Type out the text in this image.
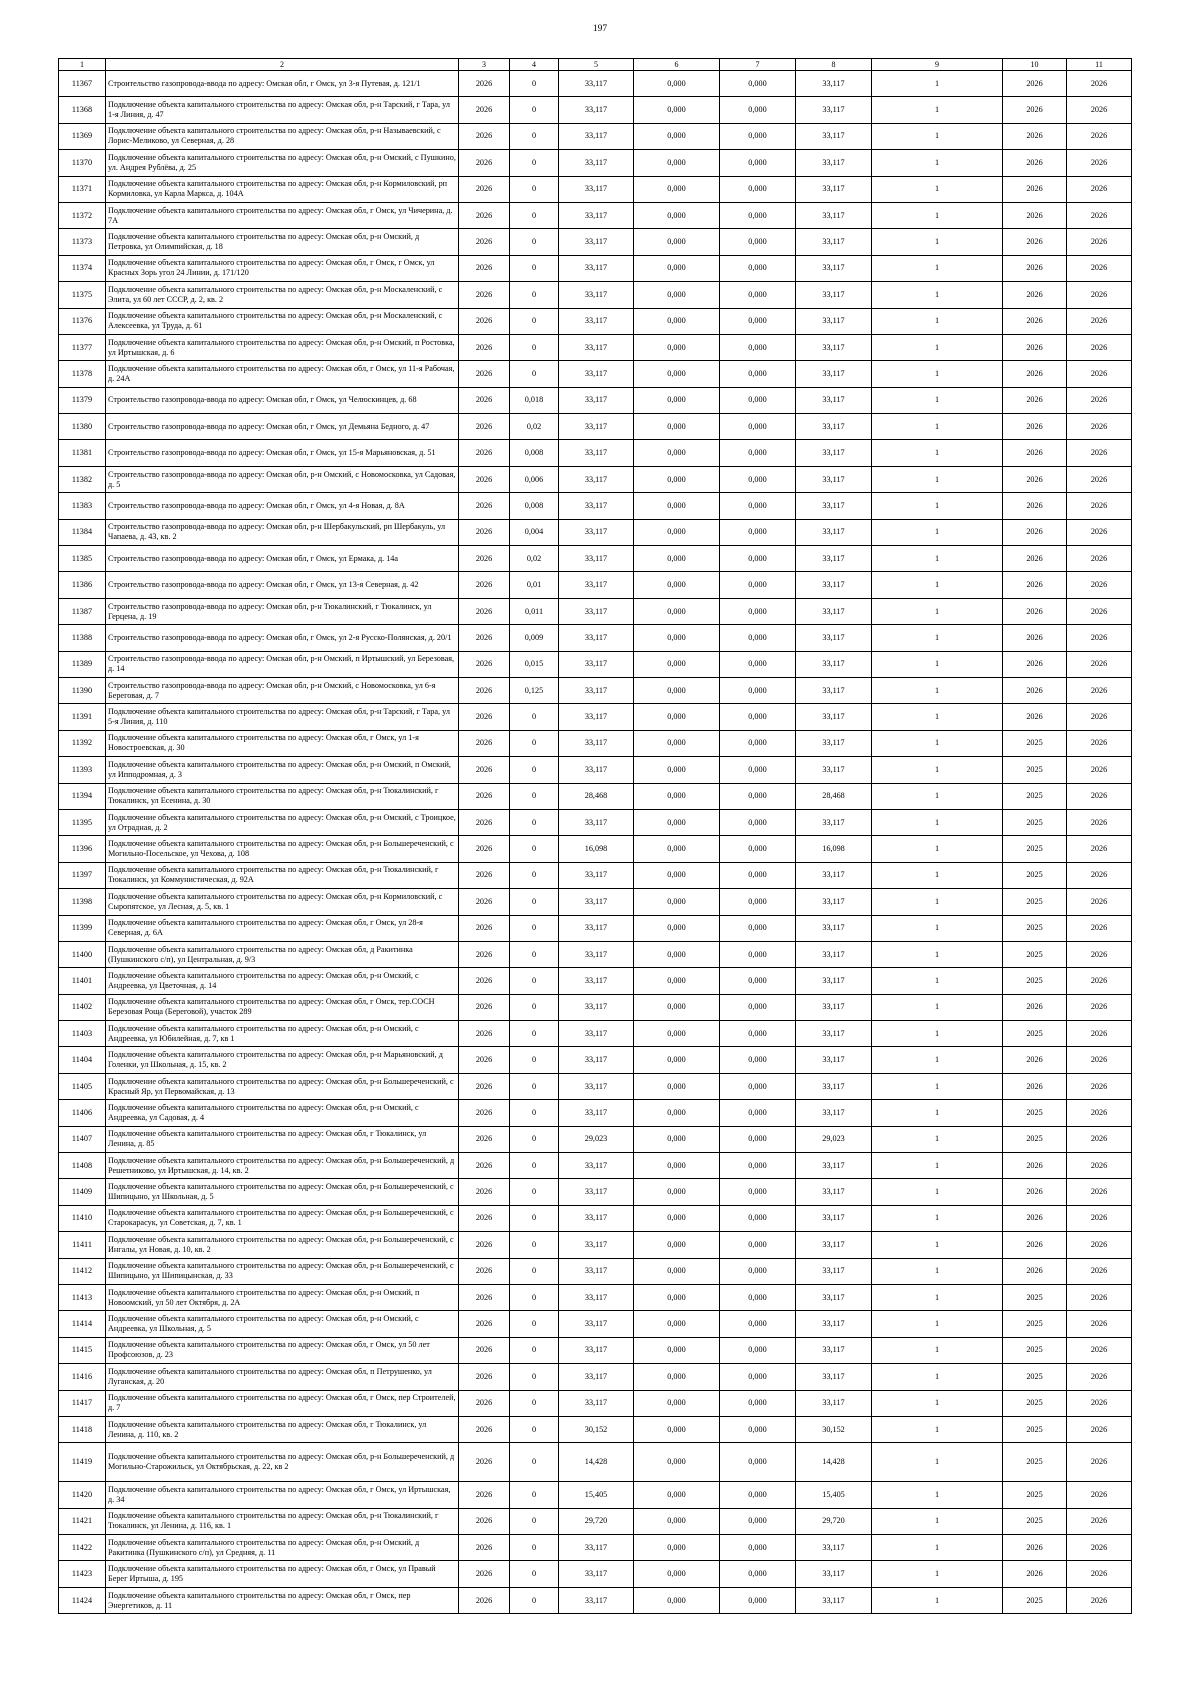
197
1	2	3	4	5	6	7	8	9	10	11
11367	Строительство газопровода-ввода по адресу: Омская обл, г Омск, ул 3-я Путевая, д. 121/1	2026	0	33,117	0,000	0,000	33,117	1	2026	2026
11368	Подключение объекта капитального строительства по адресу: Омская обл, р-н Тарский, г Тара, ул 1-я Линия, д. 47	2026	0	33,117	0,000	0,000	33,117	1	2026	2026
11369	Подключение объекта капитального строительства по адресу: Омская обл, р-н Называевский, с Лорис-Меликово, ул Северная, д. 28	2026	0	33,117	0,000	0,000	33,117	1	2026	2026
11370	Подключение объекта капитального строительства по адресу: Омская обл, р-н Омский, с Пушкино, ул. Андрея Рублёва, д. 25	2026	0	33,117	0,000	0,000	33,117	1	2026	2026
11371	Подключение объекта капитального строительства по адресу: Омская обл, р-н Кормиловский, рп Кормиловка, ул Карла Маркса, д. 104А	2026	0	33,117	0,000	0,000	33,117	1	2026	2026
11372	Подключение объекта капитального строительства по адресу: Омская обл, г Омск, ул Чичерина, д. 7А	2026	0	33,117	0,000	0,000	33,117	1	2026	2026
11373	Подключение объекта капитального строительства по адресу: Омская обл, р-н Омский, д Петровка, ул Олимпийская, д. 18	2026	0	33,117	0,000	0,000	33,117	1	2026	2026
11374	Подключение объекта капитального строительства по адресу: Омская обл, г Омск, г Омск, ул Красных Зорь угол 24 Линии, д. 171/120	2026	0	33,117	0,000	0,000	33,117	1	2026	2026
11375	Подключение объекта капитального строительства по адресу: Омская обл, р-н Москаленский, с Элита, ул 60 лет СССР, д. 2, кв. 2	2026	0	33,117	0,000	0,000	33,117	1	2026	2026
11376	Подключение объекта капитального строительства по адресу: Омская обл, р-н Москаленский, с Алексеевка, ул Труда, д. 61	2026	0	33,117	0,000	0,000	33,117	1	2026	2026
11377	Подключение объекта капитального строительства по адресу: Омская обл, р-н Омский, п Ростовка, ул Иртышская, д. 6	2026	0	33,117	0,000	0,000	33,117	1	2026	2026
11378	Подключение объекта капитального строительства по адресу: Омская обл, г Омск, ул 11-я Рабочая, д. 24А	2026	0	33,117	0,000	0,000	33,117	1	2026	2026
11379	Строительство газопровода-ввода по адресу: Омская обл, г Омск, ул Челюскинцев, д. 68	2026	0,018	33,117	0,000	0,000	33,117	1	2026	2026
11380	Строительство газопровода-ввода по адресу: Омская обл, г Омск, ул Демьяна Бедного, д. 47	2026	0,02	33,117	0,000	0,000	33,117	1	2026	2026
11381	Строительство газопровода-ввода по адресу: Омская обл, г Омск, ул 15-я Марьяновская, д. 51	2026	0,008	33,117	0,000	0,000	33,117	1	2026	2026
11382	Строительство газопровода-ввода по адресу: Омская обл, р-н Омский, с Новомосковка, ул Садовая, д. 5	2026	0,006	33,117	0,000	0,000	33,117	1	2026	2026
11383	Строительство газопровода-ввода по адресу: Омская обл, г Омск, ул 4-я Новая, д. 8А	2026	0,008	33,117	0,000	0,000	33,117	1	2026	2026
11384	Строительство газопровода-ввода по адресу: Омская обл, р-н Шербакульский, рп Шербакуль, ул Чапаева, д. 43, кв. 2	2026	0,004	33,117	0,000	0,000	33,117	1	2026	2026
11385	Строительство газопровода-ввода по адресу: Омская обл, г Омск, ул Ермака, д. 14а	2026	0,02	33,117	0,000	0,000	33,117	1	2026	2026
11386	Строительство газопровода-ввода по адресу: Омская обл, г Омск, ул 13-я Северная, д. 42	2026	0,01	33,117	0,000	0,000	33,117	1	2026	2026
11387	Строительство газопровода-ввода по адресу: Омская обл, р-н Тюкалинский, г Тюкалинск, ул Герцена, д. 19	2026	0,011	33,117	0,000	0,000	33,117	1	2026	2026
11388	Строительство газопровода-ввода по адресу: Омская обл, г Омск, ул 2-я Русско-Полянская, д. 20/1	2026	0,009	33,117	0,000	0,000	33,117	1	2026	2026
11389	Строительство газопровода-ввода по адресу: Омская обл, р-н Омский, п Иртышский, ул Березовая, д. 14	2026	0,015	33,117	0,000	0,000	33,117	1	2026	2026
11390	Строительство газопровода-ввода по адресу: Омская обл, р-н Омский, с Новомосковка, ул 6-я Береговая, д. 7	2026	0,125	33,117	0,000	0,000	33,117	1	2026	2026
11391	Подключение объекта капитального строительства по адресу: Омская обл, р-н Тарский, г Тара, ул 5-я Линия, д. 110	2026	0	33,117	0,000	0,000	33,117	1	2026	2026
11392	Подключение объекта капитального строительства по адресу: Омская обл, г Омск, ул 1-я Новостроевская, д. 30	2026	0	33,117	0,000	0,000	33,117	1	2025	2026
11393	Подключение объекта капитального строительства по адресу: Омская обл, р-н Омский, п Омский, ул Ипподромная, д. 3	2026	0	33,117	0,000	0,000	33,117	1	2025	2026
11394	Подключение объекта капитального строительства по адресу: Омская обл, р-н Тюкалинский, г Тюкалинск, ул Есенина, д. 30	2026	0	28,468	0,000	0,000	28,468	1	2025	2026
11395	Подключение объекта капитального строительства по адресу: Омская обл, р-н Омский, с Троицкое, ул Отрадная, д. 2	2026	0	33,117	0,000	0,000	33,117	1	2025	2026
11396	Подключение объекта капитального строительства по адресу: Омская обл, р-н Большереченский, с Могильно-Посельское, ул Чехова, д. 108	2026	0	16,098	0,000	0,000	16,098	1	2025	2026
11397	Подключение объекта капитального строительства по адресу: Омская обл, р-н Тюкалинский, г Тюкалинск, ул Коммунистическая, д. 92А	2026	0	33,117	0,000	0,000	33,117	1	2025	2026
11398	Подключение объекта капитального строительства по адресу: Омская обл, р-н Кормиловский, с Сыропятское, ул Лесная, д. 5, кв. 1	2026	0	33,117	0,000	0,000	33,117	1	2025	2026
11399	Подключение объекта капитального строительства по адресу: Омская обл, г Омск, ул 28-я Северная, д. 6А	2026	0	33,117	0,000	0,000	33,117	1	2025	2026
11400	Подключение объекта капитального строительства по адресу: Омская обл, д Ракитинка (Пушкинского с/п), ул Центральная, д. 9/3	2026	0	33,117	0,000	0,000	33,117	1	2025	2026
11401	Подключение объекта капитального строительства по адресу: Омская обл, р-н Омский, с Андреевка, ул Цветочная, д. 14	2026	0	33,117	0,000	0,000	33,117	1	2025	2026
11402	Подключение объекта капитального строительства по адресу: Омская обл, г Омск, тер.СОСН Березовая Роща (Береговой), участок 289	2026	0	33,117	0,000	0,000	33,117	1	2026	2026
11403	Подключение объекта капитального строительства по адресу: Омская обл, р-н Омский, с Андреевка, ул Юбилейная, д. 7, кв 1	2026	0	33,117	0,000	0,000	33,117	1	2025	2026
11404	Подключение объекта капитального строительства по адресу: Омская обл, р-н Марьяновский, д Голенки, ул Школьная, д. 15, кв. 2	2026	0	33,117	0,000	0,000	33,117	1	2026	2026
11405	Подключение объекта капитального строительства по адресу: Омская обл, р-н Большереченский, с Красный Яр, ул Первомайская, д. 13	2026	0	33,117	0,000	0,000	33,117	1	2026	2026
11406	Подключение объекта капитального строительства по адресу: Омская обл, р-н Омский, с Андреевка, ул Садовая, д. 4	2026	0	33,117	0,000	0,000	33,117	1	2025	2026
11407	Подключение объекта капитального строительства по адресу: Омская обл, г Тюкалинск, ул Ленина, д. 85	2026	0	29,023	0,000	0,000	29,023	1	2025	2026
11408	Подключение объекта капитального строительства по адресу: Омская обл, р-н Большереченский, д Решетниково, ул Иртышская, д. 14, кв. 2	2026	0	33,117	0,000	0,000	33,117	1	2026	2026
11409	Подключение объекта капитального строительства по адресу: Омская обл, р-н Большереченский, с Шипицыно, ул Школьная, д. 5	2026	0	33,117	0,000	0,000	33,117	1	2026	2026
11410	Подключение объекта капитального строительства по адресу: Омская обл, р-н Большереченский, с Старокарасук, ул Советская, д. 7, кв. 1	2026	0	33,117	0,000	0,000	33,117	1	2026	2026
11411	Подключение объекта капитального строительства по адресу: Омская обл, р-н Большереченский, с Ингалы, ул Новая, д. 10, кв. 2	2026	0	33,117	0,000	0,000	33,117	1	2026	2026
11412	Подключение объекта капитального строительства по адресу: Омская обл, р-н Большереченский, с Шипицыно, ул Шипицынская, д. 33	2026	0	33,117	0,000	0,000	33,117	1	2026	2026
11413	Подключение объекта капитального строительства по адресу: Омская обл, р-н Омский, п Новоомский, ул 50 лет Октября, д. 2А	2026	0	33,117	0,000	0,000	33,117	1	2025	2026
11414	Подключение объекта капитального строительства по адресу: Омская обл, р-н Омский, с Андреевка, ул Школьная, д. 5	2026	0	33,117	0,000	0,000	33,117	1	2025	2026
11415	Подключение объекта капитального строительства по адресу: Омская обл, г Омск, ул 50 лет Профсоюзов, д. 23	2026	0	33,117	0,000	0,000	33,117	1	2025	2026
11416	Подключение объекта капитального строительства по адресу: Омская обл, п Петрушенко, ул Луганская, д. 20	2026	0	33,117	0,000	0,000	33,117	1	2025	2026
11417	Подключение объекта капитального строительства по адресу: Омская обл, г Омск, пер Строителей, д. 7	2026	0	33,117	0,000	0,000	33,117	1	2025	2026
11418	Подключение объекта капитального строительства по адресу: Омская обл, г Тюкалинск, ул Ленина, д. 110, кв. 2	2026	0	30,152	0,000	0,000	30,152	1	2025	2026
11419	Подключение объекта капитального строительства по адресу: Омская обл, р-н Большереченский, д Могильно-Старожильск, ул Октябрьская, д. 22, кв 2	2026	0	14,428	0,000	0,000	14,428	1	2025	2026
11420	Подключение объекта капитального строительства по адресу: Омская обл, г Омск, ул Иртышская, д. 34	2026	0	15,405	0,000	0,000	15,405	1	2025	2026
11421	Подключение объекта капитального строительства по адресу: Омская обл, р-н Тюкалинский, г Тюкалинск, ул Ленина, д. 116, кв. 1	2026	0	29,720	0,000	0,000	29,720	1	2025	2026
11422	Подключение объекта капитального строительства по адресу: Омская обл, р-н Омский, д Ракитинка (Пушкинского с/п), ул Средняя, д. 11	2026	0	33,117	0,000	0,000	33,117	1	2026	2026
11423	Подключение объекта капитального строительства по адресу: Омская обл, г Омск, ул Правый Берег Иртыша, д. 195	2026	0	33,117	0,000	0,000	33,117	1	2026	2026
11424	Подключение объекта капитального строительства по адресу: Омская обл, г Омск, пер Энергетиков, д. 11	2026	0	33,117	0,000	0,000	33,117	1	2025	2026
